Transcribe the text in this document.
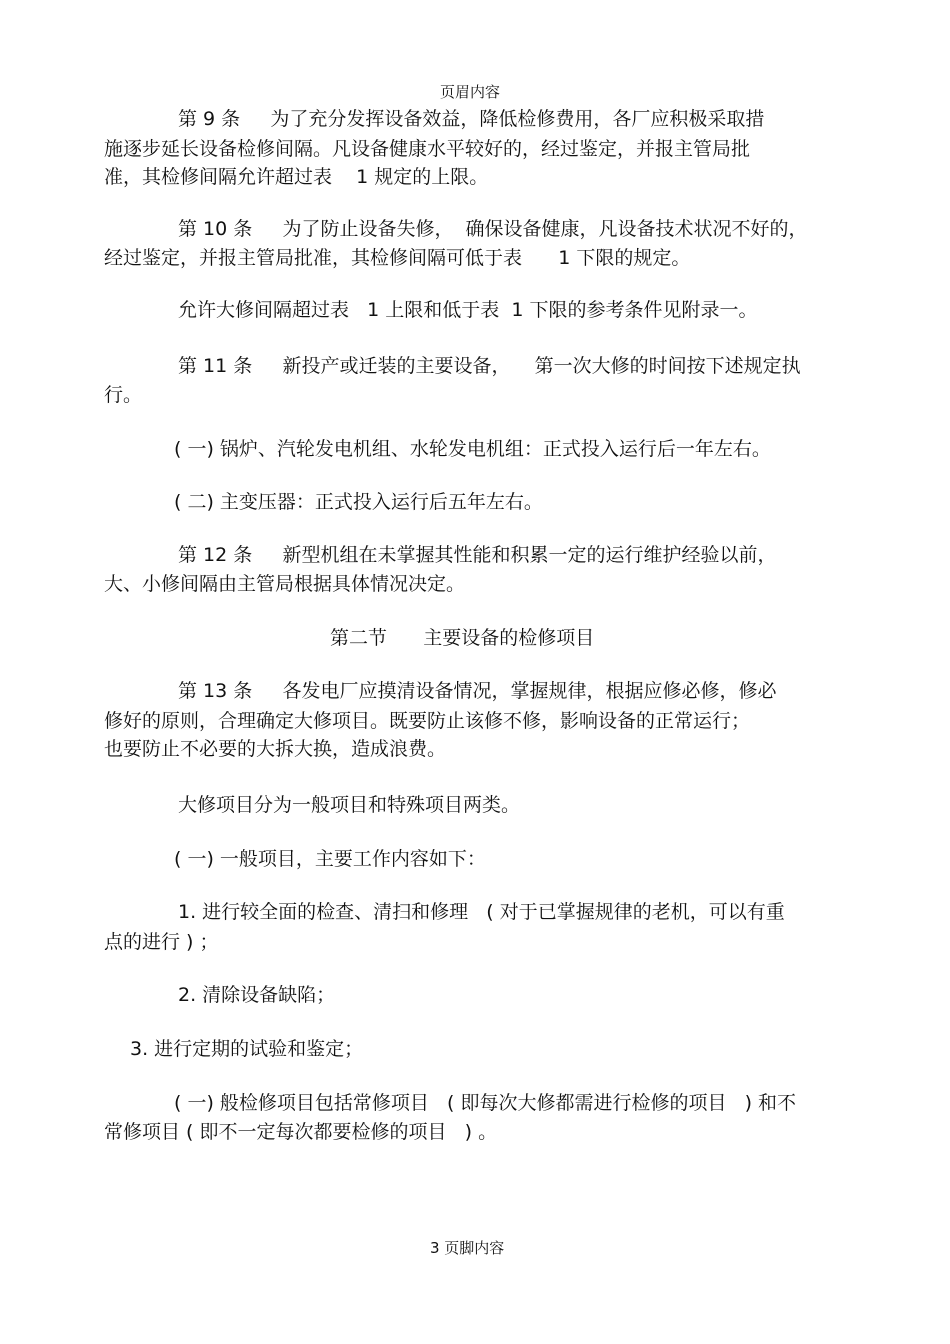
页眉内容
第 9 条     为了充分发挥设备效益，降低检修费用，各厂应积极采取措
施逐步延长设备检修间隔。凡设备健康水平较好的，经过鉴定，并报主管局批
准，其检修间隔允许超过表    1 规定的上限。
第 10 条     为了防止设备失修，  确保设备健康，凡设备技术状况不好的，
经过鉴定，并报主管局批准，其检修间隔可低于表      1 下限的规定。
允许大修间隔超过表   1 上限和低于表  1 下限的参考条件见附录一。
第 11 条     新投产或迁装的主要设备，    第一次大修的时间按下述规定执
行。
( 一) 锅炉、汽轮发电机组、水轮发电机组：正式投入运行后一年左右。
( 二) 主变压器：正式投入运行后五年左右。
第 12 条     新型机组在未掌握其性能和积累一定的运行维护经验以前，
大、小修间隔由主管局根据具体情况决定。
第二节      主要设备的检修项目
第 13 条     各发电厂应摸清设备情况，掌握规律，根据应修必修，修必
修好的原则，合理确定大修项目。既要防止该修不修，影响设备的正常运行；
也要防止不必要的大拆大换，造成浪费。
大修项目分为一般项目和特殊项目两类。
( 一) 一般项目，主要工作内容如下：
1. 进行较全面的检查、清扫和修理   ( 对于已掌握规律的老机，可以有重
点的进行 ) ；
2. 清除设备缺陷；
3. 进行定期的试验和鉴定；
( 一) 般检修项目包括常修项目   ( 即每次大修都需进行检修的项目   ) 和不
常修项目 ( 即不一定每次都要检修的项目   ) 。
3 页脚内容
